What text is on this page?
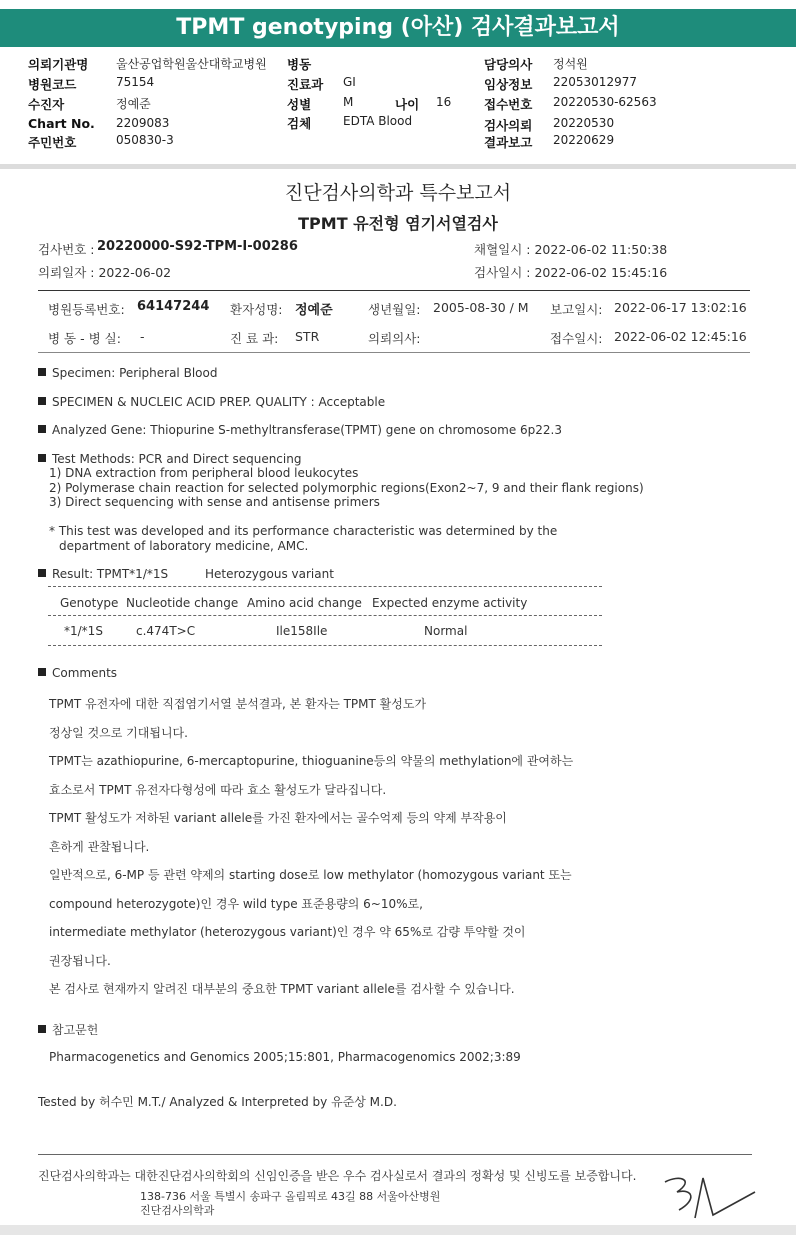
TPMT genotyping (아산) 검사결과보고서
의뢰기관명 울산공업학원울산대학교병원
병원코드	75154
수진자	정예준
Chart No. 2209083
주민번호	050830-3
병동
진료과 GI
성별	M	나이 16
검체	EDTA Blood
담당의사 정석원
임상정보 22053012977
접수번호 20220530-62563
검사의뢰 20220530
결과보고 20220629
진단검사의학과 특수보고서
TPMT 유전형 염기서열검사
검사번호 : 20220000-S92-TPM-I-00286
의뢰일자 : 2022-06-02
채혈일시 : 2022-06-02 11:50:38
검사일시 : 2022-06-02 15:45:16
병원등록번호: 64147244 환자성명: 정예준	생년월일: 2005-08-30 / M 보고일시: 2022-06-17 13:02:16
병 동 - 병 실: -	진 료 과: STR	의뢰의사:	접수일시: 2022-06-02 12:45:16
Specimen: Peripheral Blood
SPECIMEN & NUCLEIC ACID PREP. QUALITY : Acceptable
Analyzed Gene: Thiopurine S-methyltransferase(TPMT) gene on chromosome 6p22.3
Test Methods: PCR and Direct sequencing
1) DNA extraction from peripheral blood leukocytes
2) Polymerase chain reaction for selected polymorphic regions(Exon2~7, 9 and their flank regions)
3) Direct sequencing with sense and antisense primers
* This test was developed and its performance characteristic was determined by the
department of laboratory medicine, AMC.
Result: TPMT*1/*1S	Heterozygous variant
Genotype Nucleotide change Amino acid change Expected enzyme activity
*1/*1S	c.474T>C	Ile158Ile	Normal
Comments
TPMT 유전자에 대한 직접염기서열 분석결과, 본 환자는 TPMT 활성도가
정상일 것으로 기대됩니다.
TPMT는 azathiopurine, 6-mercaptopurine, thioguanine등의 약물의 methylation에 관여하는
효소로서 TPMT 유전자다형성에 따라 효소 활성도가 달라집니다.
TPMT 활성도가 저하된 variant allele를 가진 환자에서는 골수억제 등의 약제 부작용이
흔하게 관찰됩니다.
일반적으로, 6-MP 등 관련 약제의 starting dose로 low methylator (homozygous variant 또는
compound heterozygote)인 경우 wild type 표준용량의 6~10%로,
intermediate methylator (heterozygous variant)인 경우 약 65%로 감량 투약할 것이
권장됩니다.
본 검사로 현재까지 알려진 대부분의 중요한 TPMT variant allele를 검사할 수 있습니다.
참고문헌
Pharmacogenetics and Genomics 2005;15:801, Pharmacogenomics 2002;3:89
Tested by 허수민 M.T./ Analyzed & Interpreted by 유준상 M.D.
진단검사의학과는 대한진단검사의학회의 신임인증을 받은 우수 검사실로서 결과의 정확성 및 신빙도를 보증합니다.
138-736 서울 특별시 송파구 올림픽로 43길 88 서울아산병원
진단검사의학과
